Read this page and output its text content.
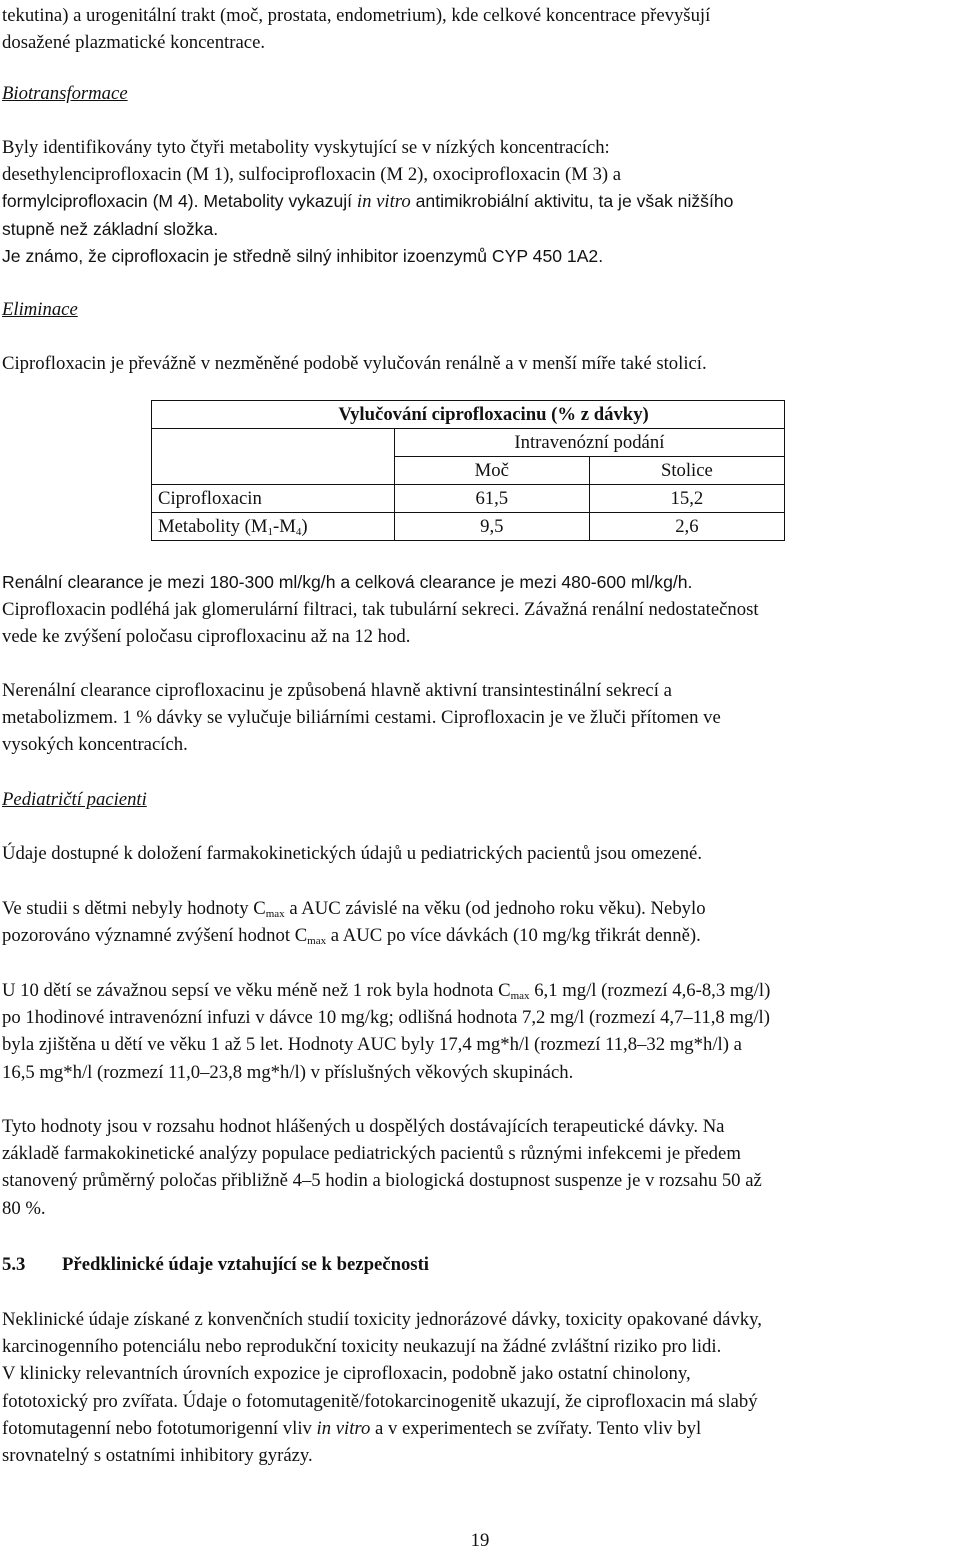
tekutina) a urogenitální trakt (moč, prostata, endometrium), kde celkové koncentrace převyšují

dosažené plazmatické koncentrace.

Biotransformace

Byly identifikovány tyto čtyři metabolity vyskytující se v nízkých koncentracích:

desethylenciprofloxacin (M 1), sulfociprofloxacin (M 2), oxociprofloxacin (M 3) a

formylciprofloxacin (M 4). Metabolity vykazují in vitro antimikrobiální aktivitu, ta je však nižšího

stupně než základní složka.

Je známo, že ciprofloxacin je středně silný inhibitor izoenzymů CYP 450 1A2.

Eliminace

Ciprofloxacin je převážně v nezměněné podobě vylučován renálně a v menší míře také stolicí.

	Vylučování ciprofloxacinu (% z dávky)	
	Intravenózní podání	
	Moč	Stolice
Ciprofloxacin	61,5	15,2
Metabolity $(M_1-M_4)$	9,5	2,6

Renální clearance je mezi 180-300 ml/kg/h a celková clearance je mezi 480-600 ml/kg/h.

Ciprofloxacin podléhá jak glomerulární filtraci, tak tubulární sekreci. Závažná renální nedostatečnost

vede ke zvýšení poločasu ciprofloxacinu až na 12 hod.

Nerenální clearance ciprofloxacinu je způsobená hlavně aktivní transintestinální sekrecí a

metabolizmem. 1 % dávky se vylučuje biliárními cestami. Ciprofloxacin je ve žluči přítomen ve

vysokých koncentracích.

Pediatričtí pacienti

Údaje dostupné k doložení farmakokinetických údajů u pediatrických pacientů jsou omezené.

Ve studii s dětmi nebyly hodnoty $C_{max}$ a AUC závislé na věku (od jednoho roku věku). Nebylo

pozorováno významné zvýšení hodnot $C_{max}$ a AUC po více dávkách (10 mg/kg třikrát denně).

U 10 dětí se závažnou sepsí ve věku méně než 1 rok byla hodnota $C_{max}$ 6,1 mg/l (rozmezí 4,6-8,3 mg/l)

po 1hodinové intravenózní infuzi v dávce 10 mg/kg; odlišná hodnota 7,2 mg/l (rozmezí 4,7–11,8 mg/l)

byla zjištěna u dětí ve věku 1 až 5 let. Hodnoty AUC byly 17,4 mg*h/l (rozmezí 11,8–32 mg*h/l) a

16,5 mg*h/l (rozmezí 11,0–23,8 mg*h/l) v příslušných věkových skupinách.

Tyto hodnoty jsou v rozsahu hodnot hlášených u dospělých dostávajících terapeutické dávky. Na

základě farmakokinetické analýzy populace pediatrických pacientů s různými infekcemi je předem

stanovený průměrný poločas přibližně 4–5 hodin a biologická dostupnost suspenze je v rozsahu 50 až

80 %.

5.3 Předklinické údaje vztahující se k bezpečnosti

Neklinické údaje získané z konvenčních studií toxicity jednorázové dávky, toxicity opakované dávky,

karcinogenního potenciálu nebo reprodukční toxicity neukazují na žádné zvláštní riziko pro lidi.

V klinicky relevantních úrovních expozice je ciprofloxacin, podobně jako ostatní chinolony,

fototoxický pro zvířata. Údaje o fotomutagenitě/fotokarcinogenitě ukazují, že ciprofloxacin má slabý

fotomutagenní nebo fototumorigenní vliv in vitro a v experimentech se zvířaty. Tento vliv byl

srovnatelný s ostatními inhibitory gyrázy.

19
